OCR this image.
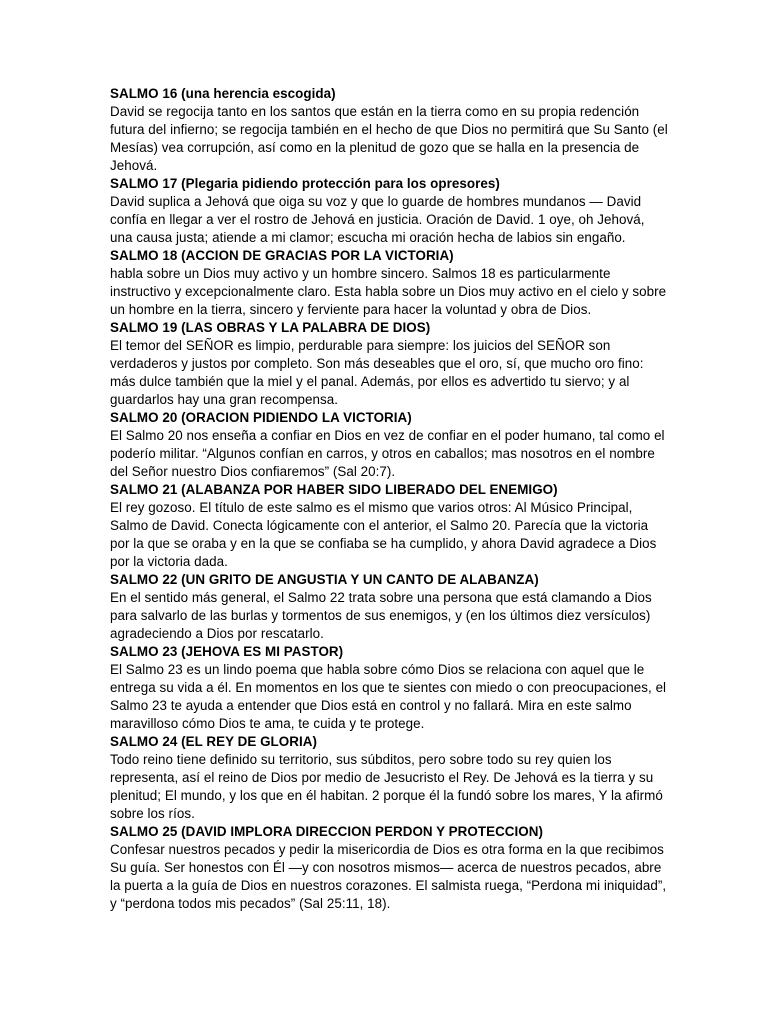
SALMO 16 (una herencia escogida)

David se regocija tanto en los santos que están en la tierra como en su propia redención futura del infierno; se regocija también en el hecho de que Dios no permitirá que Su Santo (el Mesías) vea corrupción, así como en la plenitud de gozo que se halla en la presencia de Jehová.

SALMO 17 (Plegaria pidiendo protección para los opresores)

David suplica a Jehová que oiga su voz y que lo guarde de hombres mundanos — David confía en llegar a ver el rostro de Jehová en justicia. Oración de David. 1 oye, oh Jehová, una causa justa; atiende a mi clamor; escucha mi oración hecha de labios sin engaño.

SALMO 18 (ACCION DE GRACIAS POR LA VICTORIA)

habla sobre un Dios muy activo y un hombre sincero. Salmos 18 es particularmente instructivo y excepcionalmente claro. Esta habla sobre un Dios muy activo en el cielo y sobre un hombre en la tierra, sincero y ferviente para hacer la voluntad y obra de Dios.

SALMO 19 (LAS OBRAS Y LA PALABRA DE DIOS)

El temor del SEÑOR es limpio, perdurable para siempre: los juicios del SEÑOR son verdaderos y justos por completo. Son más deseables que el oro, sí, que mucho oro fino: más dulce también que la miel y el panal. Además, por ellos es advertido tu siervo; y al guardarlos hay una gran recompensa.

SALMO 20 (ORACION PIDIENDO LA VICTORIA)

El Salmo 20 nos enseña a confiar en Dios en vez de confiar en el poder humano, tal como el poderío militar. “Algunos confían en carros, y otros en caballos; mas nosotros en el nombre del Señor nuestro Dios confiaremos” (Sal 20:7).

SALMO 21 (ALABANZA POR HABER SIDO LIBERADO DEL ENEMIGO)

El rey gozoso. El título de este salmo es el mismo que varios otros: Al Músico Principal, Salmo de David. Conecta lógicamente con el anterior, el Salmo 20. Parecía que la victoria por la que se oraba y en la que se confiaba se ha cumplido, y ahora David agradece a Dios por la victoria dada.

SALMO 22 (UN GRITO DE ANGUSTIA Y UN CANTO DE ALABANZA)

En el sentido más general, el Salmo 22 trata sobre una persona que está clamando a Dios para salvarlo de las burlas y tormentos de sus enemigos, y (en los últimos diez versículos) agradeciendo a Dios por rescatarlo.

SALMO 23 (JEHOVA ES MI PASTOR)

El Salmo 23 es un lindo poema que habla sobre cómo Dios se relaciona con aquel que le entrega su vida a él. En momentos en los que te sientes con miedo o con preocupaciones, el Salmo 23 te ayuda a entender que Dios está en control y no fallará. Mira en este salmo maravilloso cómo Dios te ama, te cuida y te protege.

SALMO 24 (EL REY DE GLORIA)

Todo reino tiene definido su territorio, sus súbditos, pero sobre todo su rey quien los representa, así el reino de Dios por medio de Jesucristo el Rey. De Jehová es la tierra y su plenitud; El mundo, y los que en él habitan. 2 porque él la fundó sobre los mares, Y la afirmó sobre los ríos.

SALMO 25 (DAVID IMPLORA DIRECCION PERDON Y PROTECCION)

Confesar nuestros pecados y pedir la misericordia de Dios es otra forma en la que recibimos Su guía. Ser honestos con Él —y con nosotros mismos— acerca de nuestros pecados, abre la puerta a la guía de Dios en nuestros corazones. El salmista ruega, “Perdona mi iniquidad”, y “perdona todos mis pecados” (Sal 25:11, 18).
